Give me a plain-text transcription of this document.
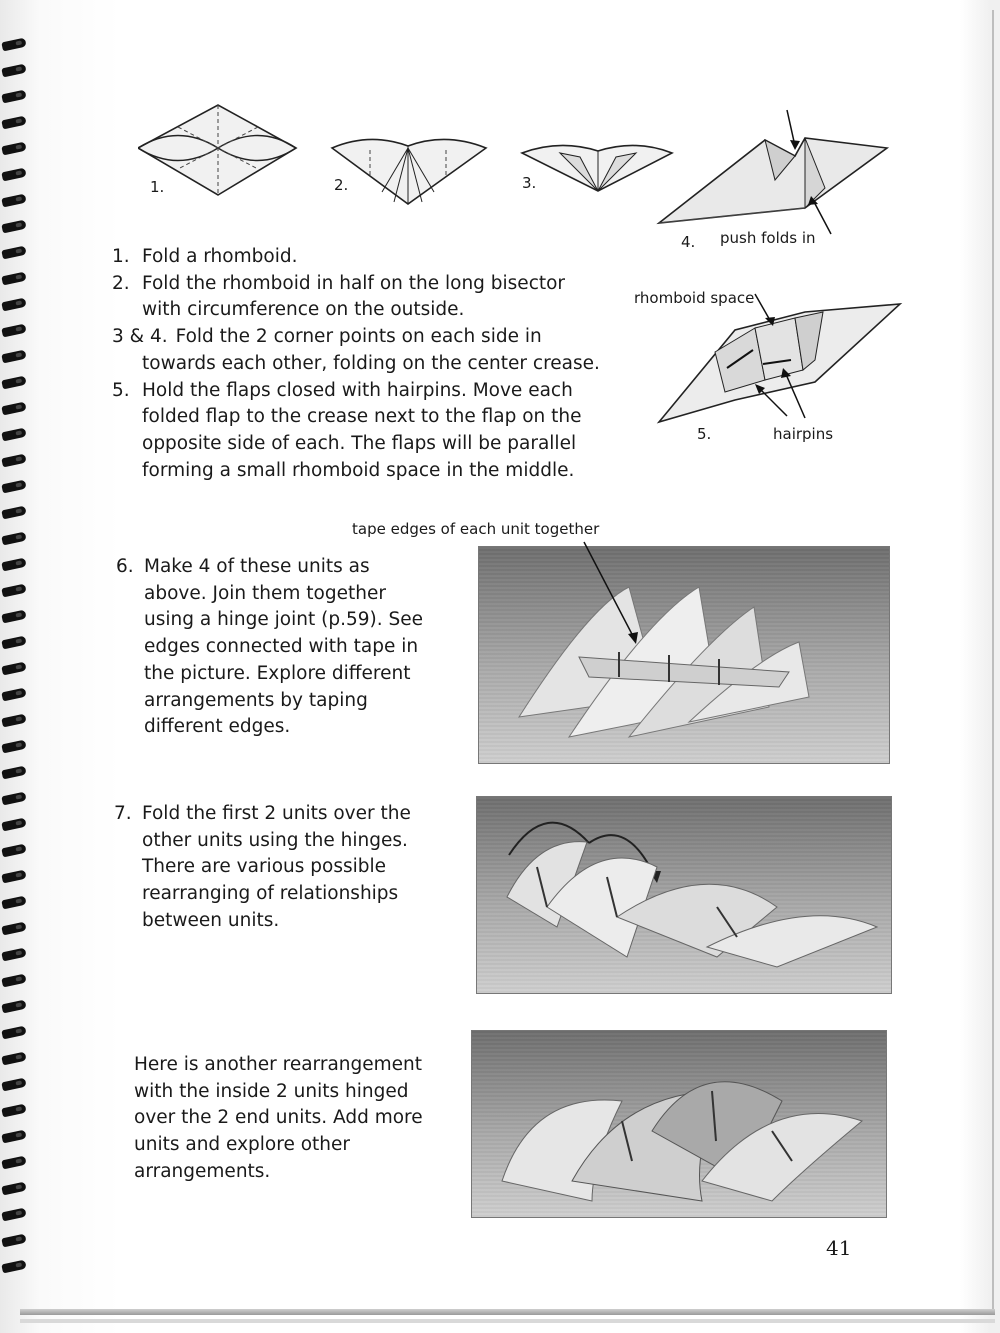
1.	2.	3.
4. push folds in
rhomboid space
5.	hairpins
1. Fold a rhomboid.
2. Fold the rhomboid in half on the long bisector
with circumference on the outside.
3 & 4. Fold the 2 corner points on each side in
towards each other, folding on the center crease.
5. Hold the flaps closed with hairpins. Move each
folded flap to the crease next to the flap on the
opposite side of each. The flaps will be parallel
forming a small rhomboid space in the middle.
tape edges of each unit together
6. Make 4 of these units as
above. Join them together
using a hinge joint (p.59). See
edges connected with tape in
the picture. Explore different
arrangements by taping
different edges.
7. Fold the first 2 units over the
other units using the hinges.
There are various possible
rearranging of relationships
between units.
Here is another rearrangement
with the inside 2 units hinged
over the 2 end units. Add more
units and explore other
arrangements.
41
